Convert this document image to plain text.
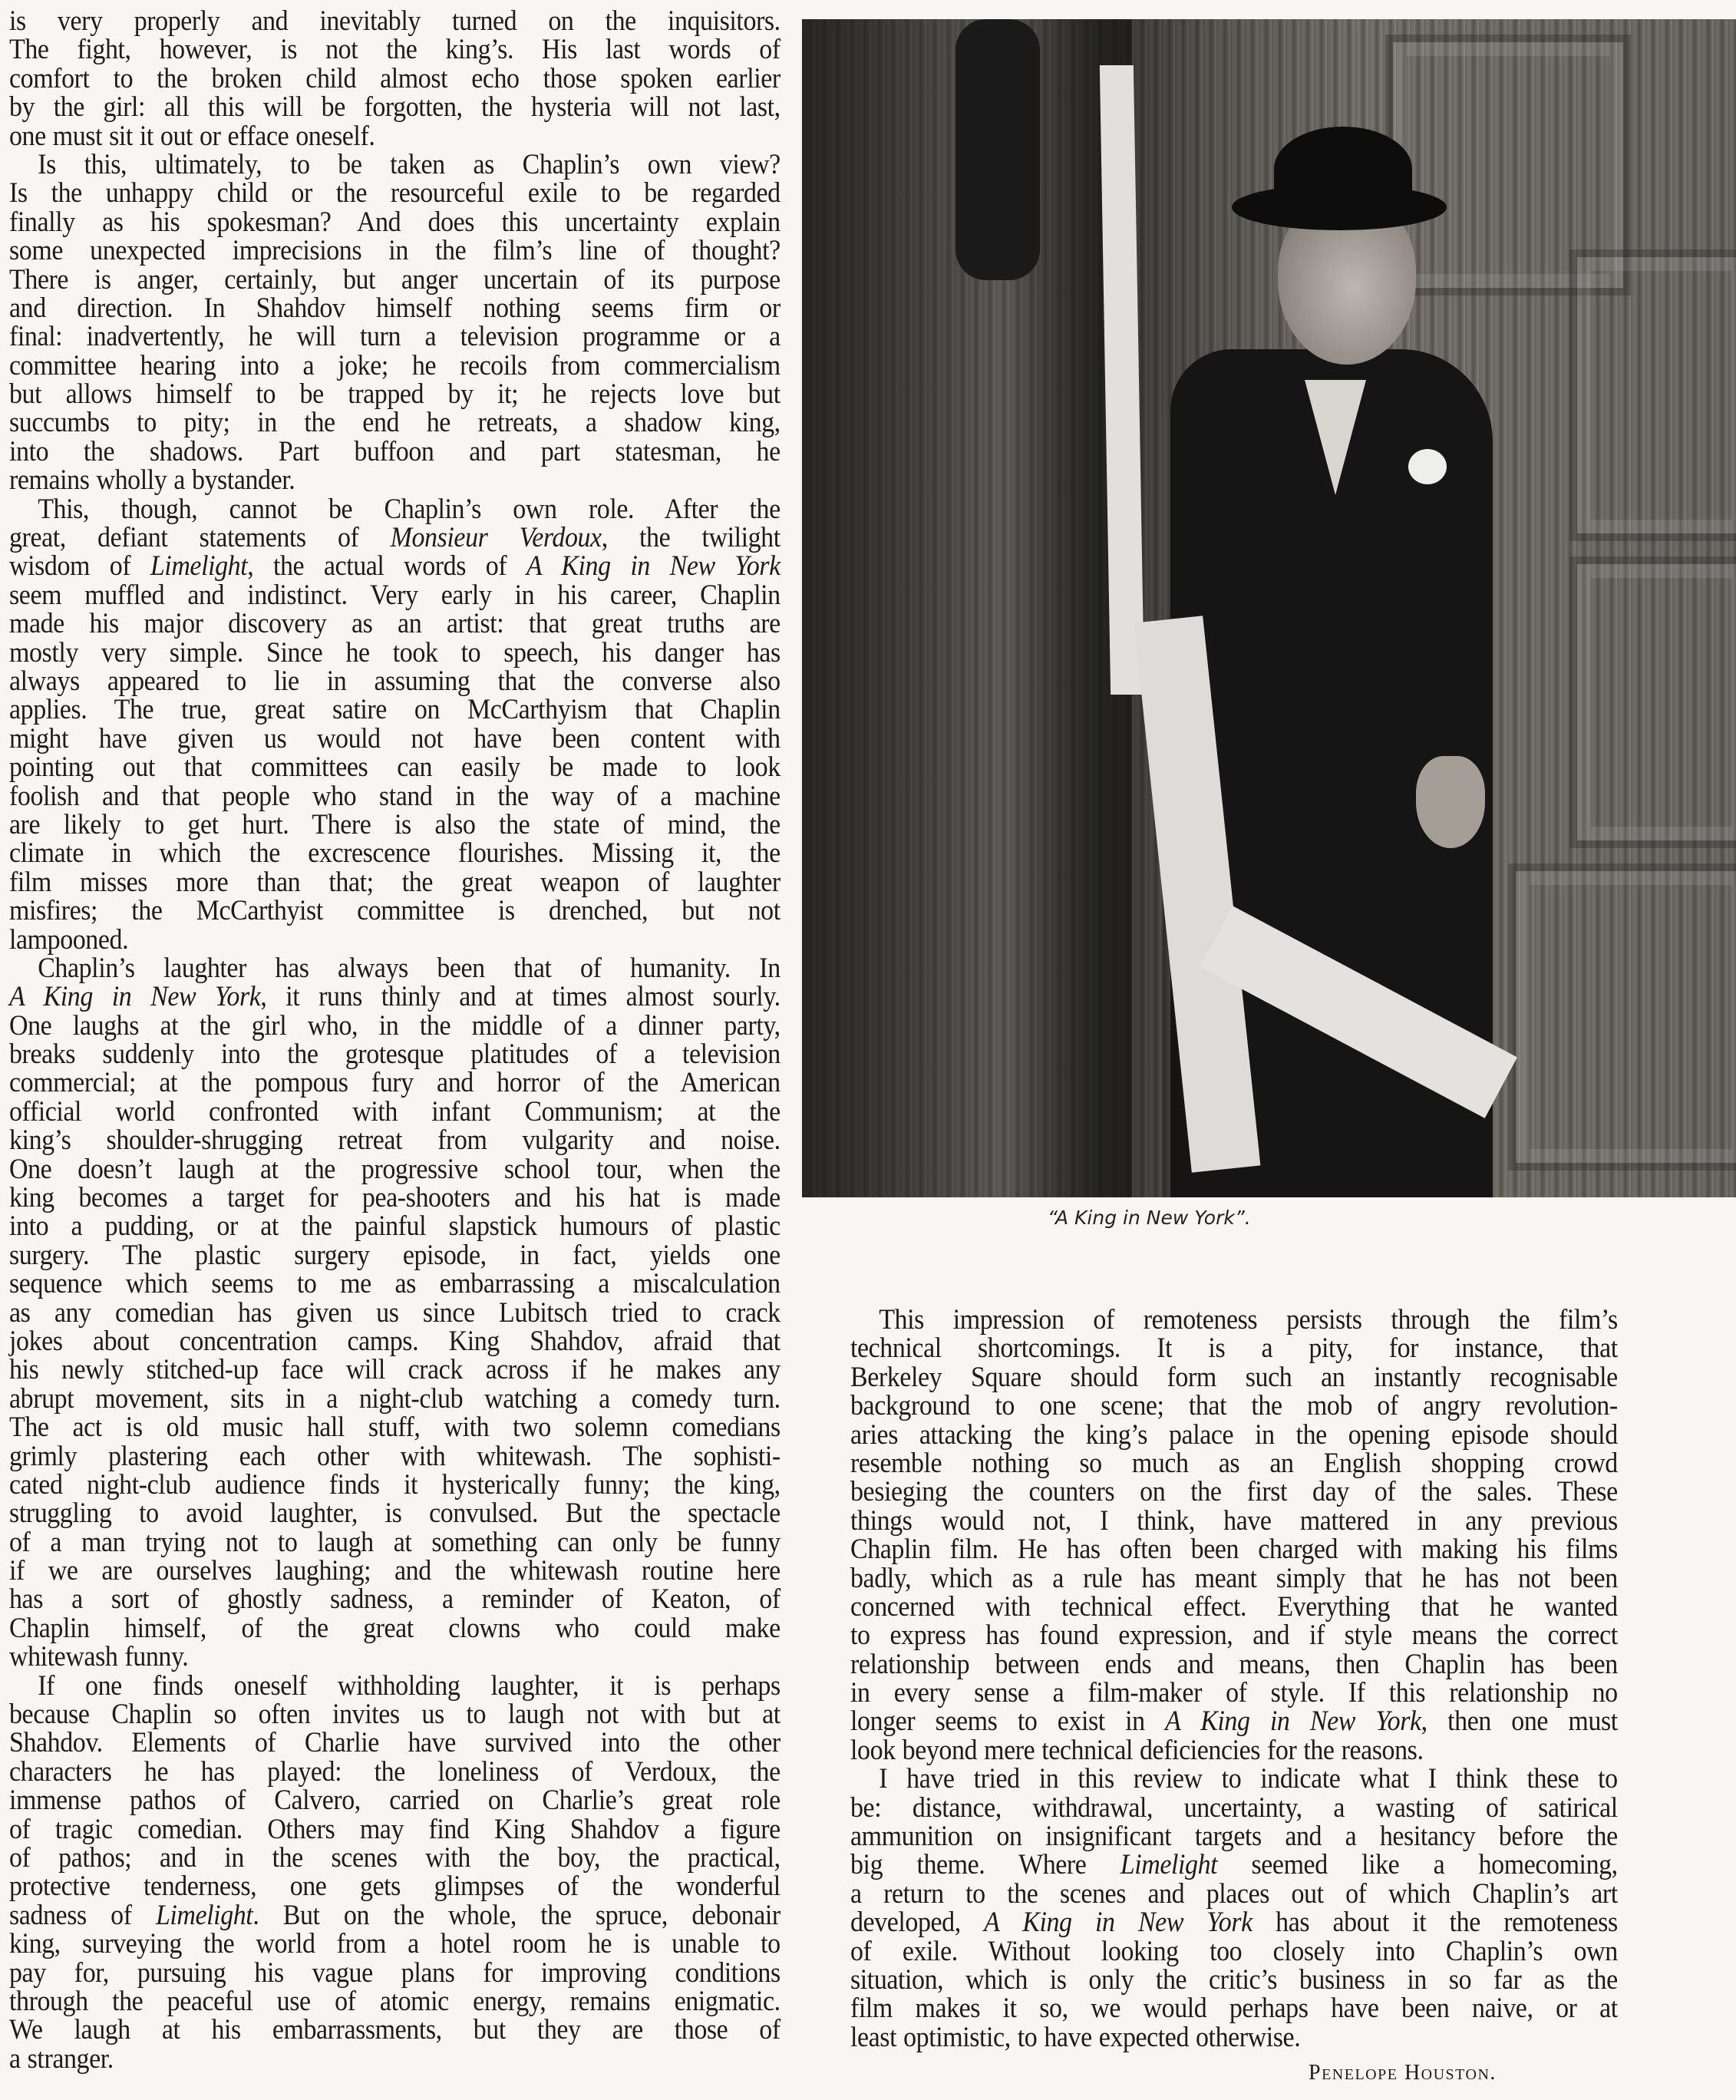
is very properly and inevitably turned on the inquisitors.
The fight, however, is not the king’s. His last words of
comfort to the broken child almost echo those spoken earlier
by the girl: all this will be forgotten, the hysteria will not last,
one must sit it out or efface oneself.
Is this, ultimately, to be taken as Chaplin’s own view?
Is the unhappy child or the resourceful exile to be regarded
finally as his spokesman? And does this uncertainty explain
some unexpected imprecisions in the film’s line of thought?
There is anger, certainly, but anger uncertain of its purpose
and direction. In Shahdov himself nothing seems firm or
final: inadvertently, he will turn a television programme or a
committee hearing into a joke; he recoils from commercialism
but allows himself to be trapped by it; he rejects love but
succumbs to pity; in the end he retreats, a shadow king,
into the shadows. Part buffoon and part statesman, he
remains wholly a bystander.
This, though, cannot be Chaplin’s own role. After the
great, defiant statements of Monsieur Verdoux, the twilight
wisdom of Limelight, the actual words of A King in New York
seem muffled and indistinct. Very early in his career, Chaplin
made his major discovery as an artist: that great truths are
mostly very simple. Since he took to speech, his danger has
always appeared to lie in assuming that the converse also
applies. The true, great satire on McCarthyism that Chaplin
might have given us would not have been content with
pointing out that committees can easily be made to look
foolish and that people who stand in the way of a machine
are likely to get hurt. There is also the state of mind, the
climate in which the excrescence flourishes. Missing it, the
film misses more than that; the great weapon of laughter
misfires; the McCarthyist committee is drenched, but not
lampooned.
Chaplin’s laughter has always been that of humanity. In
A King in New York, it runs thinly and at times almost sourly.
One laughs at the girl who, in the middle of a dinner party,
breaks suddenly into the grotesque platitudes of a television
commercial; at the pompous fury and horror of the American
official world confronted with infant Communism; at the
king’s shoulder-shrugging retreat from vulgarity and noise.
One doesn’t laugh at the progressive school tour, when the
king becomes a target for pea-shooters and his hat is made
into a pudding, or at the painful slapstick humours of plastic
surgery. The plastic surgery episode, in fact, yields one
sequence which seems to me as embarrassing a miscalculation
as any comedian has given us since Lubitsch tried to crack
jokes about concentration camps. King Shahdov, afraid that
his newly stitched-up face will crack across if he makes any
abrupt movement, sits in a night-club watching a comedy turn.
The act is old music hall stuff, with two solemn comedians
grimly plastering each other with whitewash. The sophisti-
cated night-club audience finds it hysterically funny; the king,
struggling to avoid laughter, is convulsed. But the spectacle
of a man trying not to laugh at something can only be funny
if we are ourselves laughing; and the whitewash routine here
has a sort of ghostly sadness, a reminder of Keaton, of
Chaplin himself, of the great clowns who could make
whitewash funny.
If one finds oneself withholding laughter, it is perhaps
because Chaplin so often invites us to laugh not with but at
Shahdov. Elements of Charlie have survived into the other
characters he has played: the loneliness of Verdoux, the
immense pathos of Calvero, carried on Charlie’s great role
of tragic comedian. Others may find King Shahdov a figure
of pathos; and in the scenes with the boy, the practical,
protective tenderness, one gets glimpses of the wonderful
sadness of Limelight. But on the whole, the spruce, debonair
king, surveying the world from a hotel room he is unable to
pay for, pursuing his vague plans for improving conditions
through the peaceful use of atomic energy, remains enigmatic.
We laugh at his embarrassments, but they are those of
a stranger.
“A King in New York”.
This impression of remoteness persists through the film’s
technical shortcomings. It is a pity, for instance, that
Berkeley Square should form such an instantly recognisable
background to one scene; that the mob of angry revolution-
aries attacking the king’s palace in the opening episode should
resemble nothing so much as an English shopping crowd
besieging the counters on the first day of the sales. These
things would not, I think, have mattered in any previous
Chaplin film. He has often been charged with making his films
badly, which as a rule has meant simply that he has not been
concerned with technical effect. Everything that he wanted
to express has found expression, and if style means the correct
relationship between ends and means, then Chaplin has been
in every sense a film-maker of style. If this relationship no
longer seems to exist in A King in New York, then one must
look beyond mere technical deficiencies for the reasons.
I have tried in this review to indicate what I think these to
be: distance, withdrawal, uncertainty, a wasting of satirical
ammunition on insignificant targets and a hesitancy before the
big theme. Where Limelight seemed like a homecoming,
a return to the scenes and places out of which Chaplin’s art
developed, A King in New York has about it the remoteness
of exile. Without looking too closely into Chaplin’s own
situation, which is only the critic’s business in so far as the
film makes it so, we would perhaps have been naive, or at
least optimistic, to have expected otherwise.
Penelope Houston.
